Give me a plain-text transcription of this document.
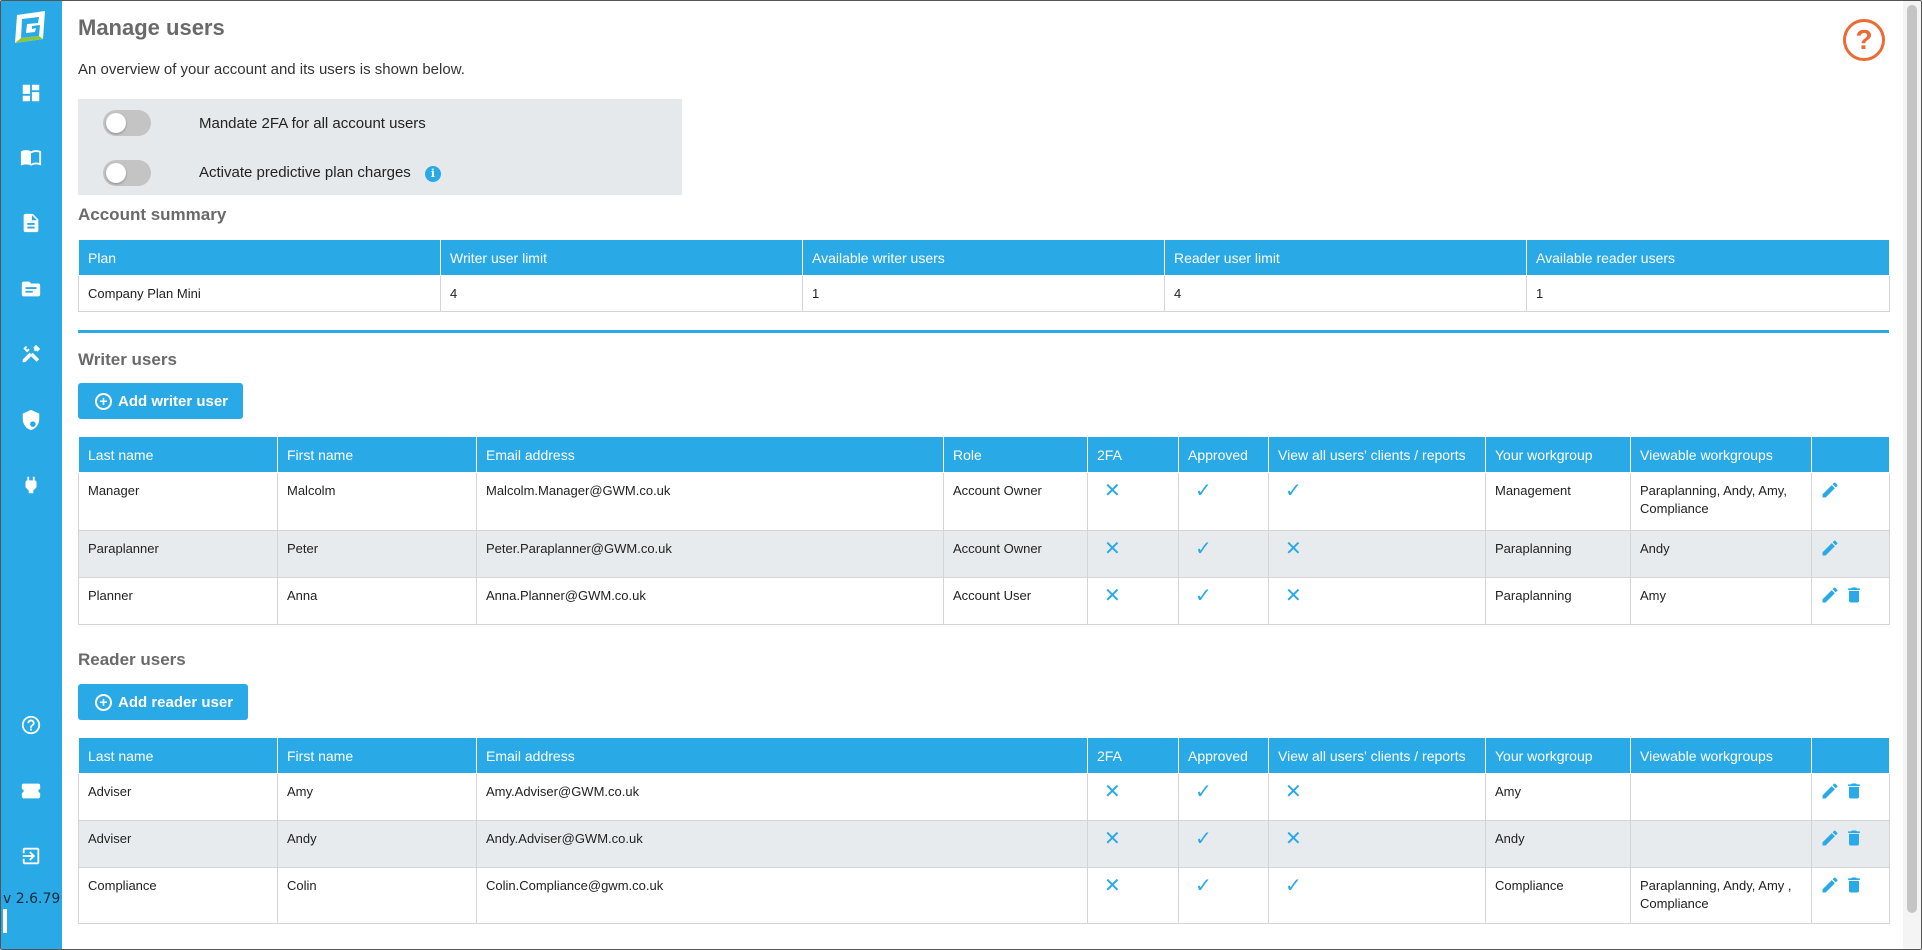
v 2.6.79
Manage users

An overview of your account and its users is shown below.

?
Mandate 2FA for all account users
Activate predictive plan charges i
Account summary
Plan	Writer user limit	Available writer users	Reader user limit	Available reader users
Company Plan Mini	4	1	4	1
Writer users
+ Add writer user
Last name	First name	Email address	Role	2FA	Approved	View all users' clients / reports	Your workgroup	Viewable workgroups	
Manager	Malcolm	Malcolm.Manager@GWM.co.uk	Account Owner	✕	✓	✓	Management	Paraplanning, Andy, Amy, Compliance	
Paraplanner	Peter	Peter.Paraplanner@GWM.co.uk	Account Owner	✕	✓	✕	Paraplanning	Andy	
Planner	Anna	Anna.Planner@GWM.co.uk	Account User	✕	✓	✕	Paraplanning	Amy	
Reader users
+ Add reader user
Last name	First name	Email address	2FA	Approved	View all users' clients / reports	Your workgroup	Viewable workgroups	
Adviser	Amy	Amy.Adviser@GWM.co.uk	✕	✓	✕	Amy		
Adviser	Andy	Andy.Adviser@GWM.co.uk	✕	✓	✕	Andy		
Compliance	Colin	Colin.Compliance@gwm.co.uk	✕	✓	✓	Compliance	Paraplanning, Andy, Amy , Compliance	
